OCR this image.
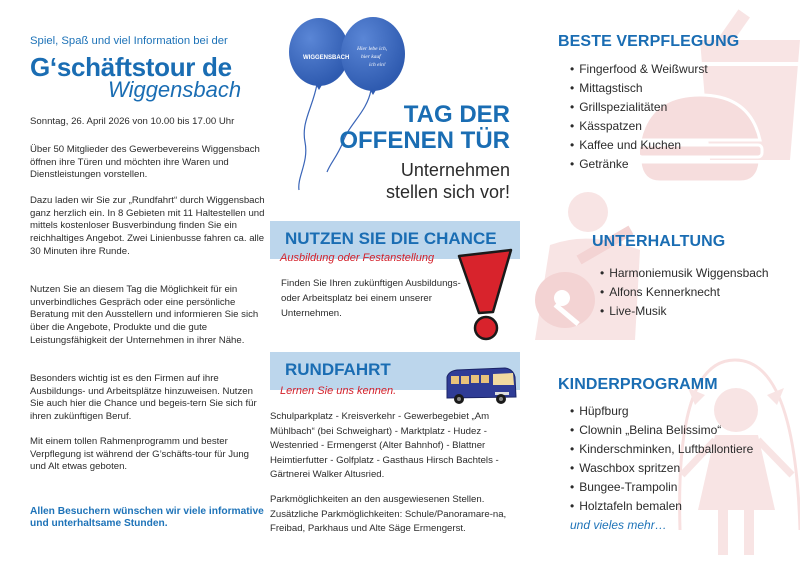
Spiel, Spaß und viel Information bei der
G‘schäftstour de
Wiggensbach
Sonntag, 26. April 2026 von 10.00 bis 17.00 Uhr

Über 50 Mitglieder des Gewerbevereins Wiggensbach öffnen ihre Türen und möchten ihre Waren und Dienstleistungen vorstellen.

Dazu laden wir Sie zur „Rundfahrt“ durch Wiggensbach ganz herzlich ein. In 8 Gebieten mit 11 Haltestellen und mittels kostenloser Busverbindung finden Sie ein reichhaltiges Angebot. Zwei Linienbusse fahren ca. alle 30 Minuten ihre Runde.

Nutzen Sie an diesem Tag die Möglichkeit für ein unverbindliches Gespräch oder eine persönliche Beratung mit den Ausstellern und informieren Sie sich über die Angebote, Produkte und die gute Leistungsfähigkeit der Unternehmen in ihrer Nähe.

Besonders wichtig ist es den Firmen auf ihre Ausbildungs- und Arbeitsplätze hinzuweisen. Nutzen Sie auch hier die Chance und begeis-tern Sie sich für ihren zukünftigen Beruf.

Mit einem tollen Rahmenprogramm und bester Verpflegung ist während der G’schäfts-tour für Jung und Alt etwas geboten.

Allen Besuchern wünschen wir viele informative und unterhaltsame Stunden.

WIGGENSBACH
Hier lebe ich,
hier kauf
ich ein!
TAG DER
OFFENEN TÜR
Unternehmen
stellen sich vor!
NUTZEN SIE DIE CHANCE
Ausbildung oder Festanstellung

Finden Sie Ihren zukünftigen Ausbildungs- oder Arbeitsplatz bei einem unserer Unternehmen.

RUNDFAHRT
Lernen Sie uns kennen.

Schulparkplatz - Kreisverkehr - Gewerbegebiet „Am Mühlbach“ (bei Schweighart) - Marktplatz - Hudez - Westenried - Ermengerst (Alter Bahnhof) - Blattner Heimtierfutter - Golfplatz - Gasthaus Hirsch Bachtels - Gärtnerei Walker Altusried.

Parkmöglichkeiten an den ausgewiesenen Stellen. Zusätzliche Parkmöglichkeiten: Schule/Panoramare-na, Freibad, Parkhaus und Alte Säge Ermengerst.

BESTE VERPFLEGUNG
• Fingerfood & Weißwurst
• Mittagstisch
• Grillspezialitäten
• Kässpatzen
• Kaffee und Kuchen
• Getränke
UNTERHALTUNG
• Harmoniemusik Wiggensbach
• Alfons Kennerknecht
• Live-Musik
KINDERPROGRAMM
• Hüpfburg
• Clownin „Belina Belissimo“
• Kinderschminken, Luftballontiere
• Waschbox spritzen
• Bungee-Trampolin
• Holztafeln bemalen
und vieles mehr…
